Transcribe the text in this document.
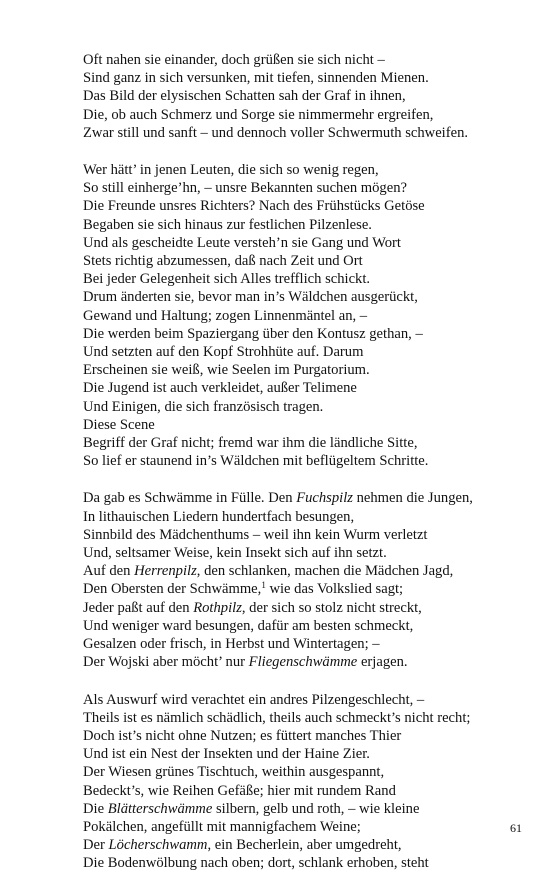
Oft nahen sie einander, doch grüßen sie sich nicht –
Sind ganz in sich versunken, mit tiefen, sinnenden Mienen.
Das Bild der elysischen Schatten sah der Graf in ihnen,
Die, ob auch Schmerz und Sorge sie nimmermehr ergreifen,
Zwar still und sanft – und dennoch voller Schwermuth schweifen.
Wer hätt’ in jenen Leuten, die sich so wenig regen,
So still einherge’hn, – unsre Bekannten suchen mögen?
Die Freunde unsres Richters? Nach des Frühstücks Getöse
Begaben sie sich hinaus zur festlichen Pilzenlese.
Und als gescheidte Leute versteh’n sie Gang und Wort
Stets richtig abzumessen, daß nach Zeit und Ort
Bei jeder Gelegenheit sich Alles trefflich schickt.
Drum änderten sie, bevor man in’s Wäldchen ausgerückt,
Gewand und Haltung; zogen Linnenmäntel an, –
Die werden beim Spaziergang über den Kontusz gethan, –
Und setzten auf den Kopf Strohhüte auf. Darum
Erscheinen sie weiß, wie Seelen im Purgatorium.
Die Jugend ist auch verkleidet, außer Telimene
Und Einigen, die sich französisch tragen.
Diese Scene
Begriff der Graf nicht; fremd war ihm die ländliche Sitte,
So lief er staunend in’s Wäldchen mit beflügeltem Schritte.
Da gab es Schwämme in Fülle. Den Fuchspilz nehmen die Jungen,
In lithauischen Liedern hundertfach besungen,
Sinnbild des Mädchenthums – weil ihn kein Wurm verletzt
Und, seltsamer Weise, kein Insekt sich auf ihn setzt.
Auf den Herrenpilz, den schlanken, machen die Mädchen Jagd,
Den Obersten der Schwämme,$^1$ wie das Volkslied sagt;
Jeder paßt auf den Rothpilz, der sich so stolz nicht streckt,
Und weniger ward besungen, dafür am besten schmeckt,
Gesalzen oder frisch, in Herbst und Wintertagen; –
Der Wojski aber möcht’ nur Fliegenschwämme erjagen.
Als Auswurf wird verachtet ein andres Pilzengeschlecht, –
Theils ist es nämlich schädlich, theils auch schmeckt’s nicht recht;
Doch ist’s nicht ohne Nutzen; es füttert manches Thier
Und ist ein Nest der Insekten und der Haine Zier.
Der Wiesen grünes Tischtuch, weithin ausgespannt,
Bedeckt’s, wie Reihen Gefäße; hier mit rundem Rand
Die Blätterschwämme silbern, gelb und roth, – wie kleine
Pokälchen, angefüllt mit mannigfachem Weine;
Der Löcherschwamm, ein Becherlein, aber umgedreht,
Die Bodenwölbung nach oben; dort, schlank erhoben, steht
61
